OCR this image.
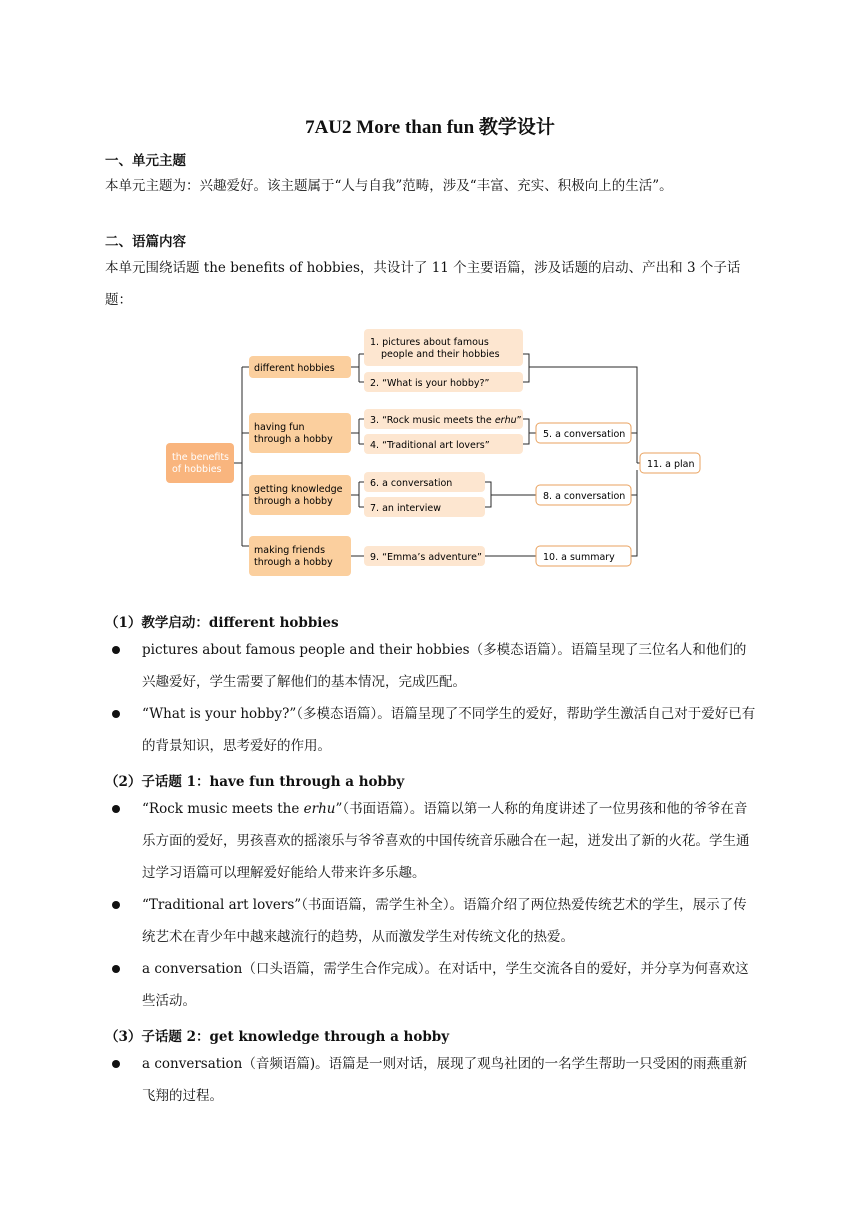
7AU2 More than fun 教学设计
一、单元主题
本单元主题为：兴趣爱好。该主题属于“人与自我”范畴，涉及“丰富、充实、积极向上的生活”。
二、语篇内容
本单元围绕话题 the benefits of hobbies，共设计了 11 个主要语篇，涉及话题的启动、产出和 3 个子话题：
the benefits
of hobbies
different hobbies
having fun
through a hobby
getting knowledge
through a hobby
making friends
through a hobby
1. pictures about famous
people and their hobbies
2. “What is your hobby?”
3. “Rock music meets the erhu”
4. “Traditional art lovers”
5. a conversation
6. a conversation
7. an interview
8. a conversation
9. “Emma’s adventure”	10. a summary
11. a plan
（1）教学启动：different hobbies
pictures about famous people and their hobbies（多模态语篇）。语篇呈现了三位名人和他们的兴趣爱好，学生需要了解他们的基本情况，完成匹配。
“What is your hobby?”（多模态语篇）。语篇呈现了不同学生的爱好，帮助学生激活自己对于爱好已有的背景知识，思考爱好的作用。
（2）子话题 1：have fun through a hobby
“Rock music meets the erhu”（书面语篇）。语篇以第一人称的角度讲述了一位男孩和他的爷爷在音乐方面的爱好，男孩喜欢的摇滚乐与爷爷喜欢的中国传统音乐融合在一起，迸发出了新的火花。学生通过学习语篇可以理解爱好能给人带来许多乐趣。
“Traditional art lovers”（书面语篇，需学生补全）。语篇介绍了两位热爱传统艺术的学生，展示了传统艺术在青少年中越来越流行的趋势，从而激发学生对传统文化的热爱。
a conversation（口头语篇，需学生合作完成）。在对话中，学生交流各自的爱好，并分享为何喜欢这些活动。
（3）子话题 2：get knowledge through a hobby
a conversation（音频语篇)。语篇是一则对话，展现了观鸟社团的一名学生帮助一只受困的雨燕重新飞翔的过程。
